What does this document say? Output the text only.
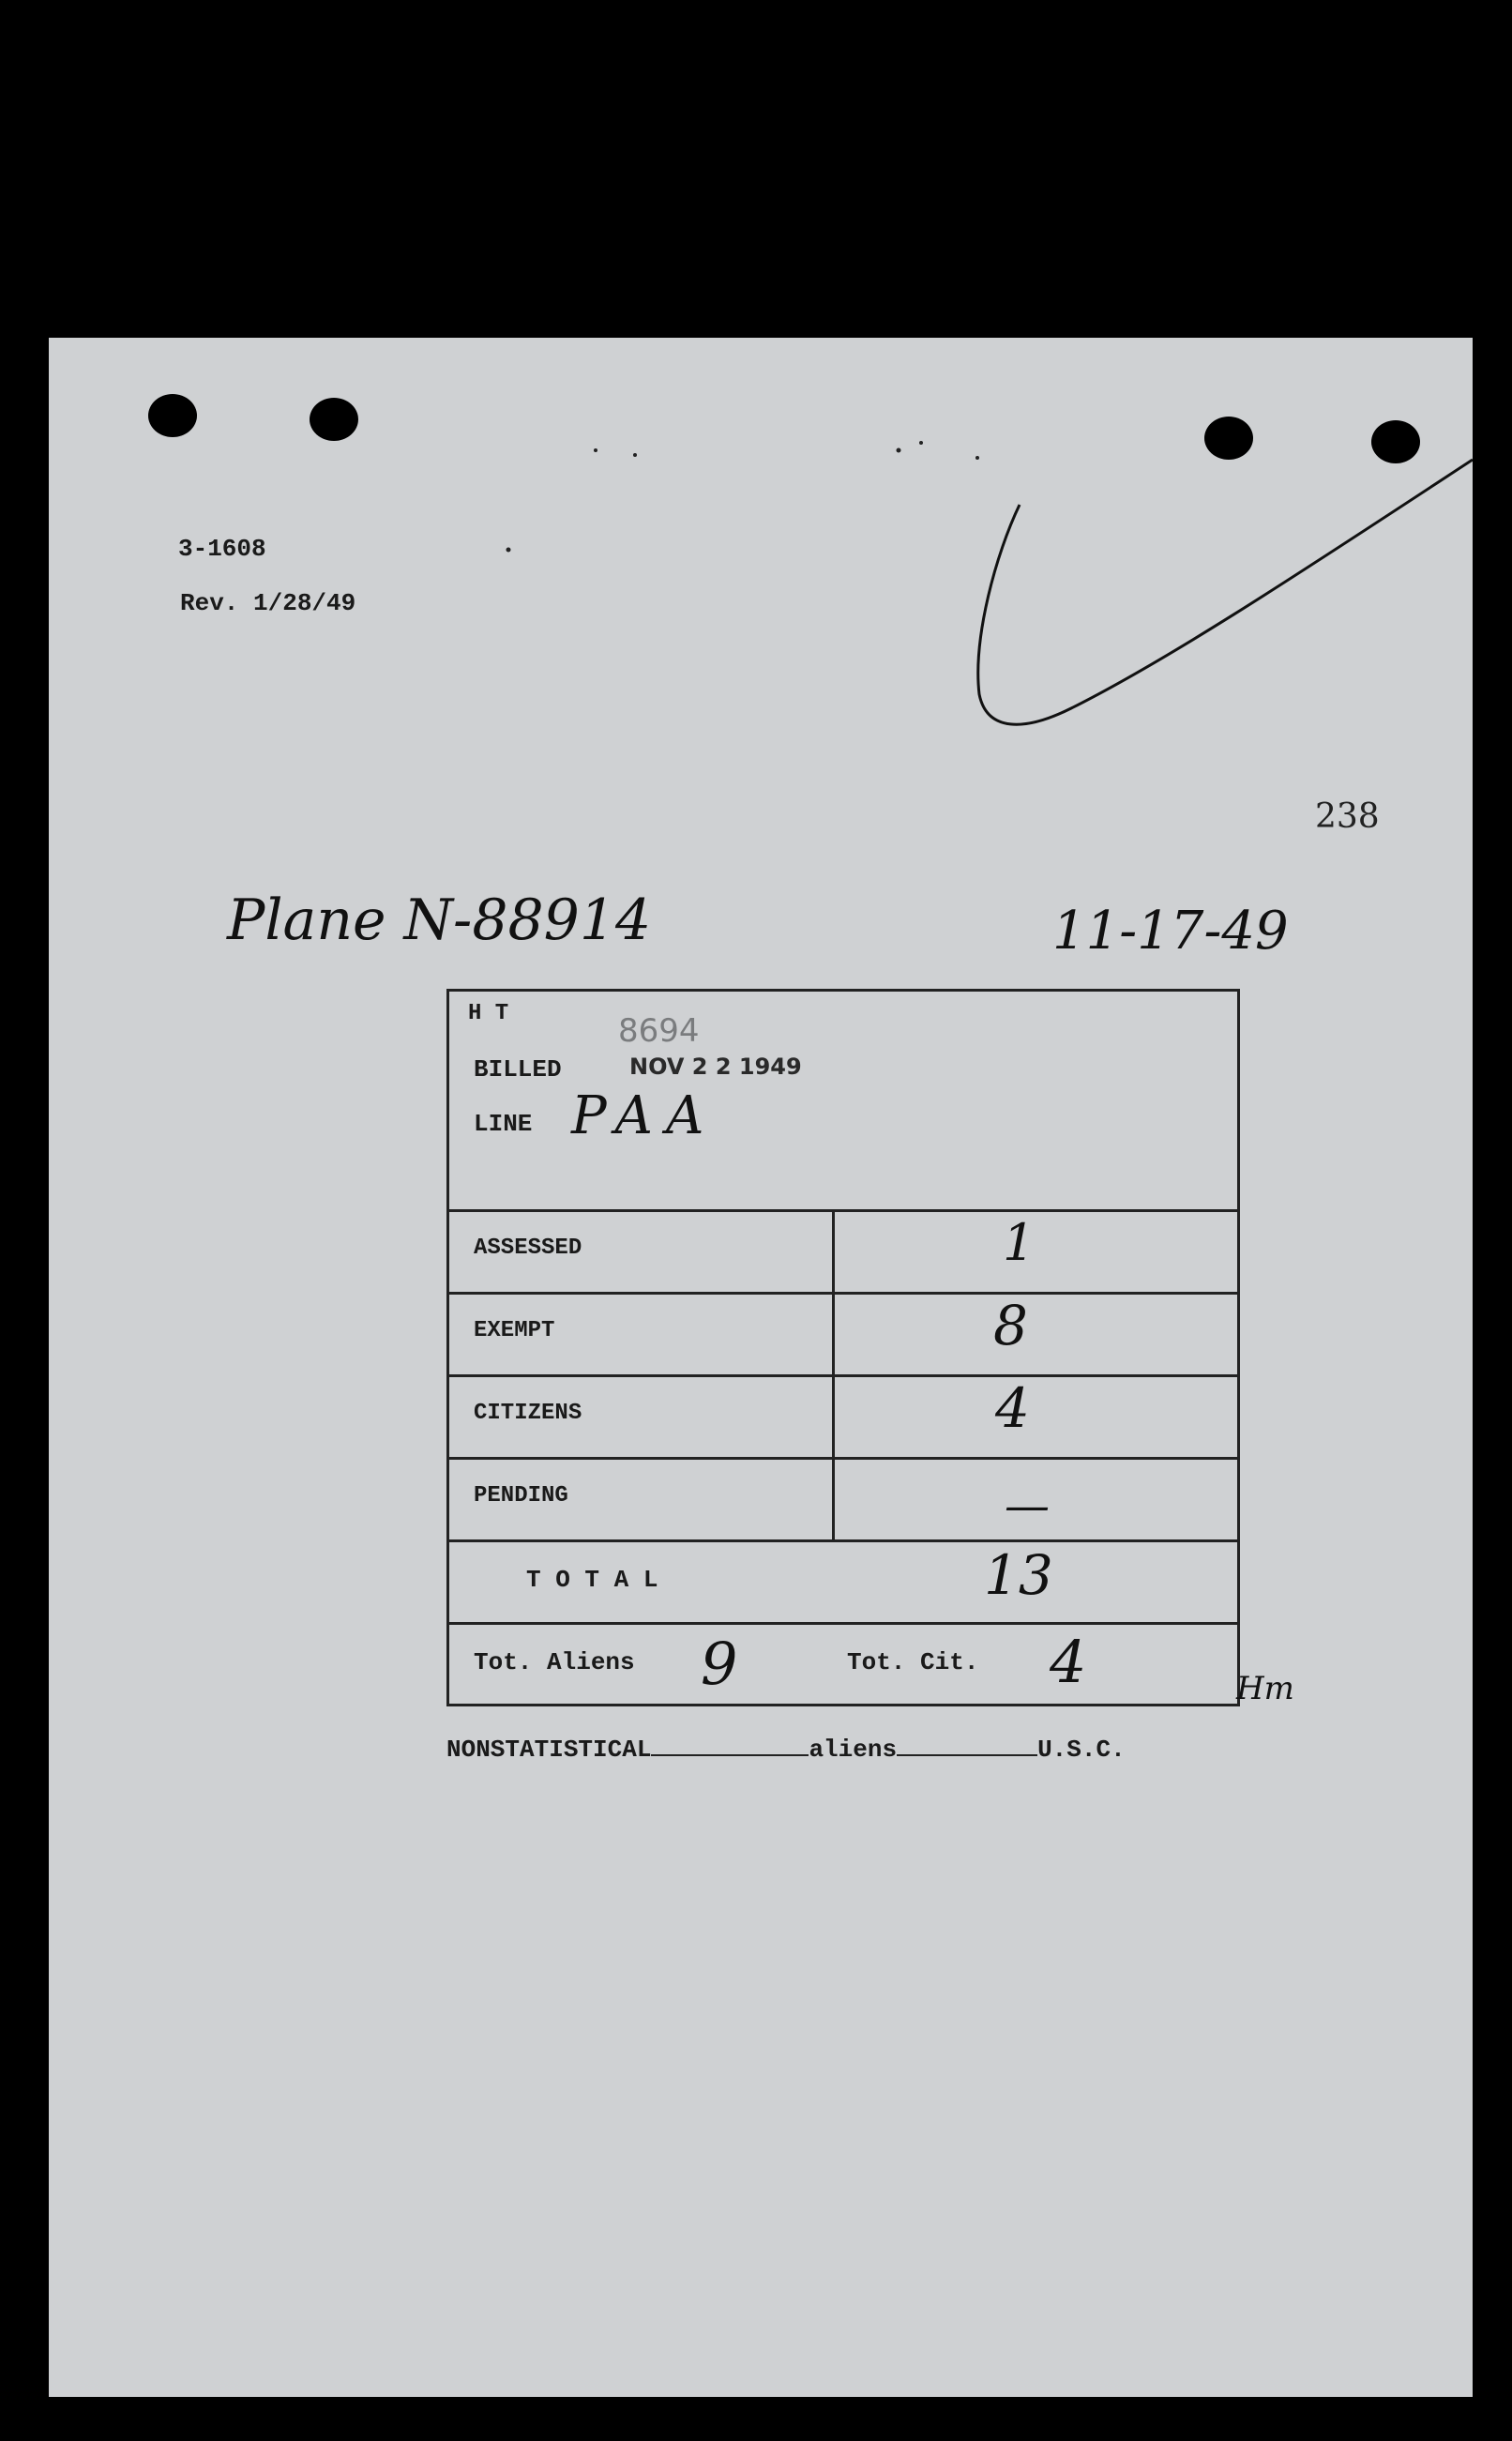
3-1608
Rev. 1/28/49
238
Plane N-88914	11-17-49
H T	8694
BILLED	NOV 2 2 1949
LINE PAA
ASSESSED	1
EXEMPT	8
CITIZENS	4
PENDING	—
T O T A L	13
Tot. Aliens 9	Tot. Cit. 4	Hm
NONSTATISTICAL	aliens	U.S.C.
